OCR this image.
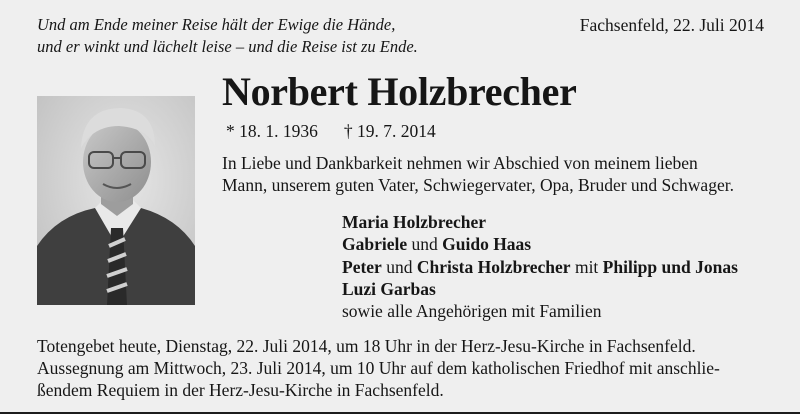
Und am Ende meiner Reise hält der Ewige die Hände,
und er winkt und lächelt leise – und die Reise ist zu Ende.
Fachsenfeld, 22. Juli 2014
Norbert Holzbrecher
* 18. 1. 1936 † 19. 7. 2014
In Liebe und Dankbarkeit nehmen wir Abschied von meinem lieben
Mann, unserem guten Vater, Schwiegervater, Opa, Bruder und Schwager.
Maria Holzbrecher
Gabriele und Guido Haas
Peter und Christa Holzbrecher mit Philipp und Jonas
Luzi Garbas
sowie alle Angehörigen mit Familien
Totengebet heute, Dienstag, 22. Juli 2014, um 18 Uhr in der Herz-Jesu-Kirche in Fachsenfeld.
Aussegnung am Mittwoch, 23. Juli 2014, um 10 Uhr auf dem katholischen Friedhof mit anschlie-
ßendem Requiem in der Herz-Jesu-Kirche in Fachsenfeld.
